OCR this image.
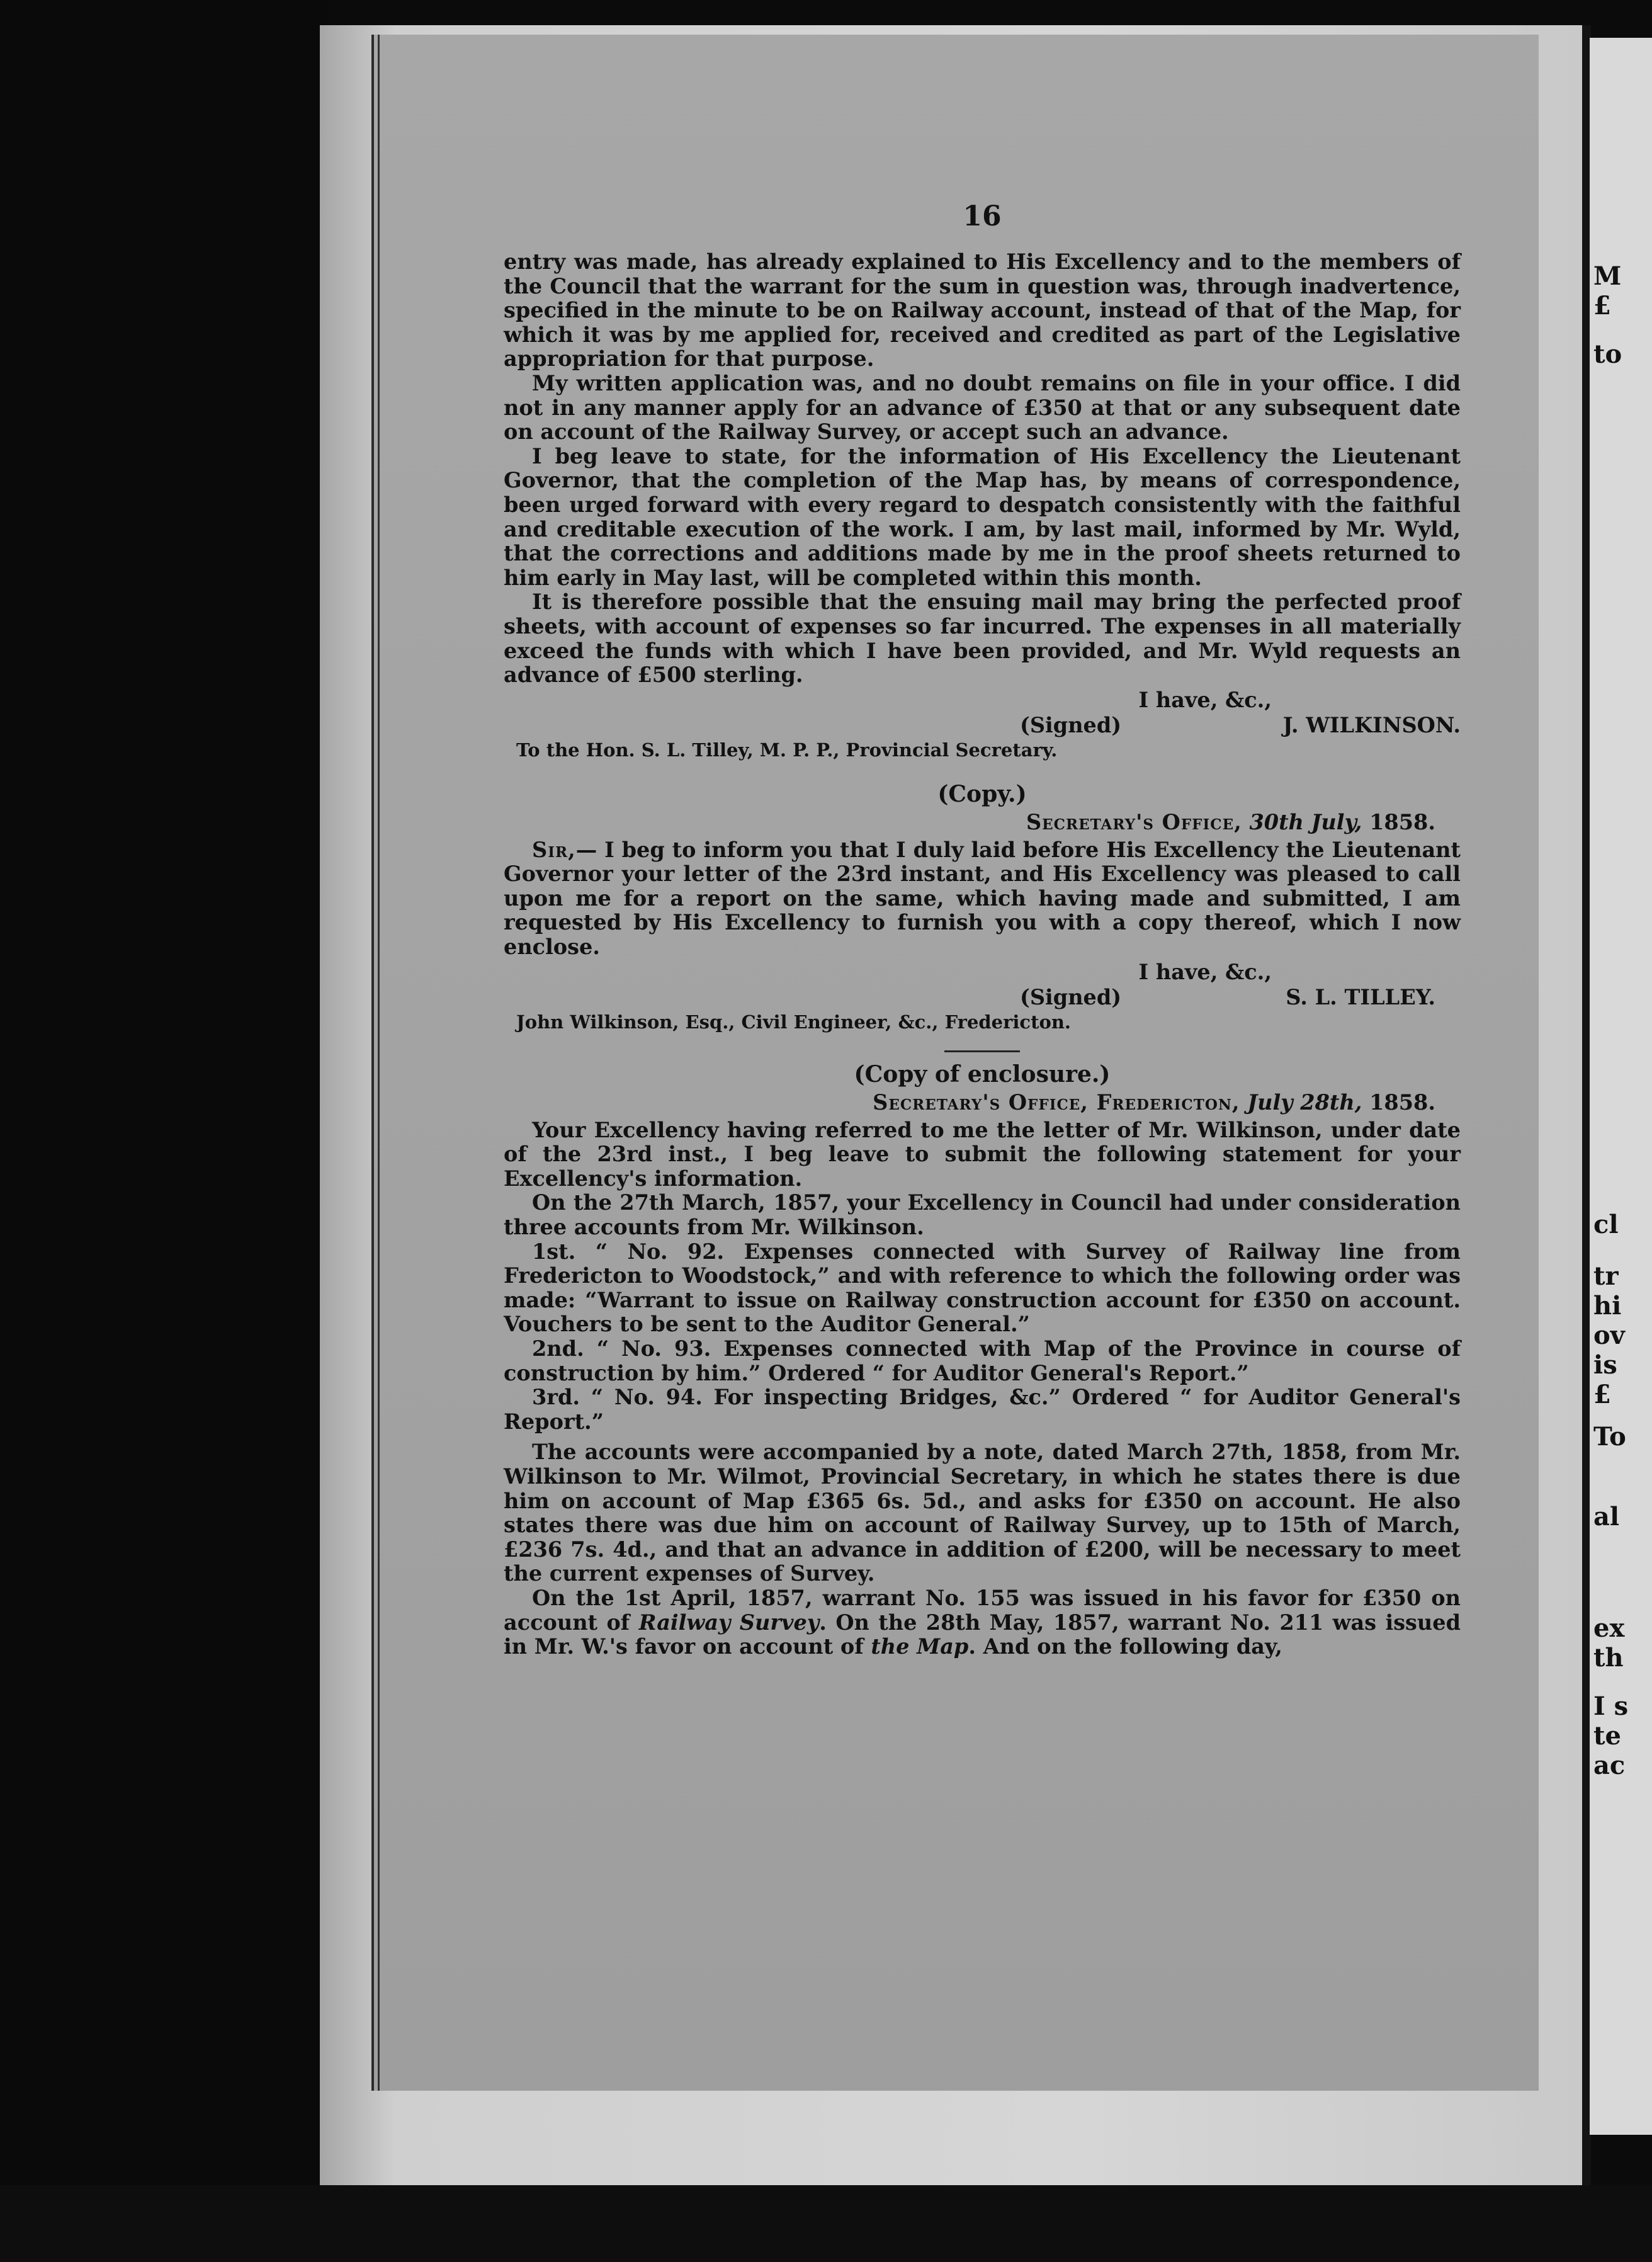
M
£
to
cl
tr
hi
ov
is
£
To
al
ex
th
I s
te
ac
16

entry was made, has already explained to His Excellency and to the members of the Council that the warrant for the sum in question was, through inadvertence, specified in the minute to be on Railway account, instead of that of the Map, for which it was by me applied for, received and credited as part of the Legislative appropriation for that purpose.

My written application was, and no doubt remains on file in your office. I did not in any manner apply for an advance of £350 at that or any subsequent date on account of the Railway Survey, or accept such an advance.

I beg leave to state, for the information of His Excellency the Lieutenant Governor, that the completion of the Map has, by means of correspondence, been urged forward with every regard to despatch consistently with the faithful and creditable execution of the work. I am, by last mail, informed by Mr. Wyld, that the corrections and additions made by me in the proof sheets returned to him early in May last, will be completed within this month.

It is therefore possible that the ensuing mail may bring the perfected proof sheets, with account of expenses so far incurred. The expenses in all materially exceed the funds with which I have been provided, and Mr. Wyld requests an advance of £500 sterling.

I have, &c.,

(Signed)	J. WILKINSON.

To the Hon. S. L. Tilley, M. P. P., Provincial Secretary.

(Copy.)
Secretary's Office, 30th July, 1858.

Sir,— I beg to inform you that I duly laid before His Excellency the Lieutenant Governor your letter of the 23rd instant, and His Excellency was pleased to call upon me for a report on the same, which having made and submitted, I am requested by His Excellency to furnish you with a copy thereof, which I now enclose.

I have, &c.,

(Signed)	S. L. TILLEY.

John Wilkinson, Esq., Civil Engineer, &c., Fredericton.

(Copy of enclosure.)
Secretary's Office, Fredericton, July 28th, 1858.

Your Excellency having referred to me the letter of Mr. Wilkinson, under date of the 23rd inst., I beg leave to submit the following statement for your Excellency's information.

On the 27th March, 1857, your Excellency in Council had under consideration three accounts from Mr. Wilkinson.

1st. “ No. 92. Expenses connected with Survey of Railway line from Fredericton to Woodstock,” and with reference to which the following order was made: “Warrant to issue on Railway construction account for £350 on account. Vouchers to be sent to the Auditor General.”

2nd. “ No. 93. Expenses connected with Map of the Province in course of construction by him.” Ordered “ for Auditor General's Report.”

3rd. “ No. 94. For inspecting Bridges, &c.” Ordered “ for Auditor General's Report.”

The accounts were accompanied by a note, dated March 27th, 1858, from Mr. Wilkinson to Mr. Wilmot, Provincial Secretary, in which he states there is due him on account of Map £365 6s. 5d., and asks for £350 on account. He also states there was due him on account of Railway Survey, up to 15th of March, £236 7s. 4d., and that an advance in addition of £200, will be necessary to meet the current expenses of Survey.

On the 1st April, 1857, warrant No. 155 was issued in his favor for £350 on account of Railway Survey. On the 28th May, 1857, warrant No. 211 was issued in Mr. W.'s favor on account of the Map. And on the following day,
